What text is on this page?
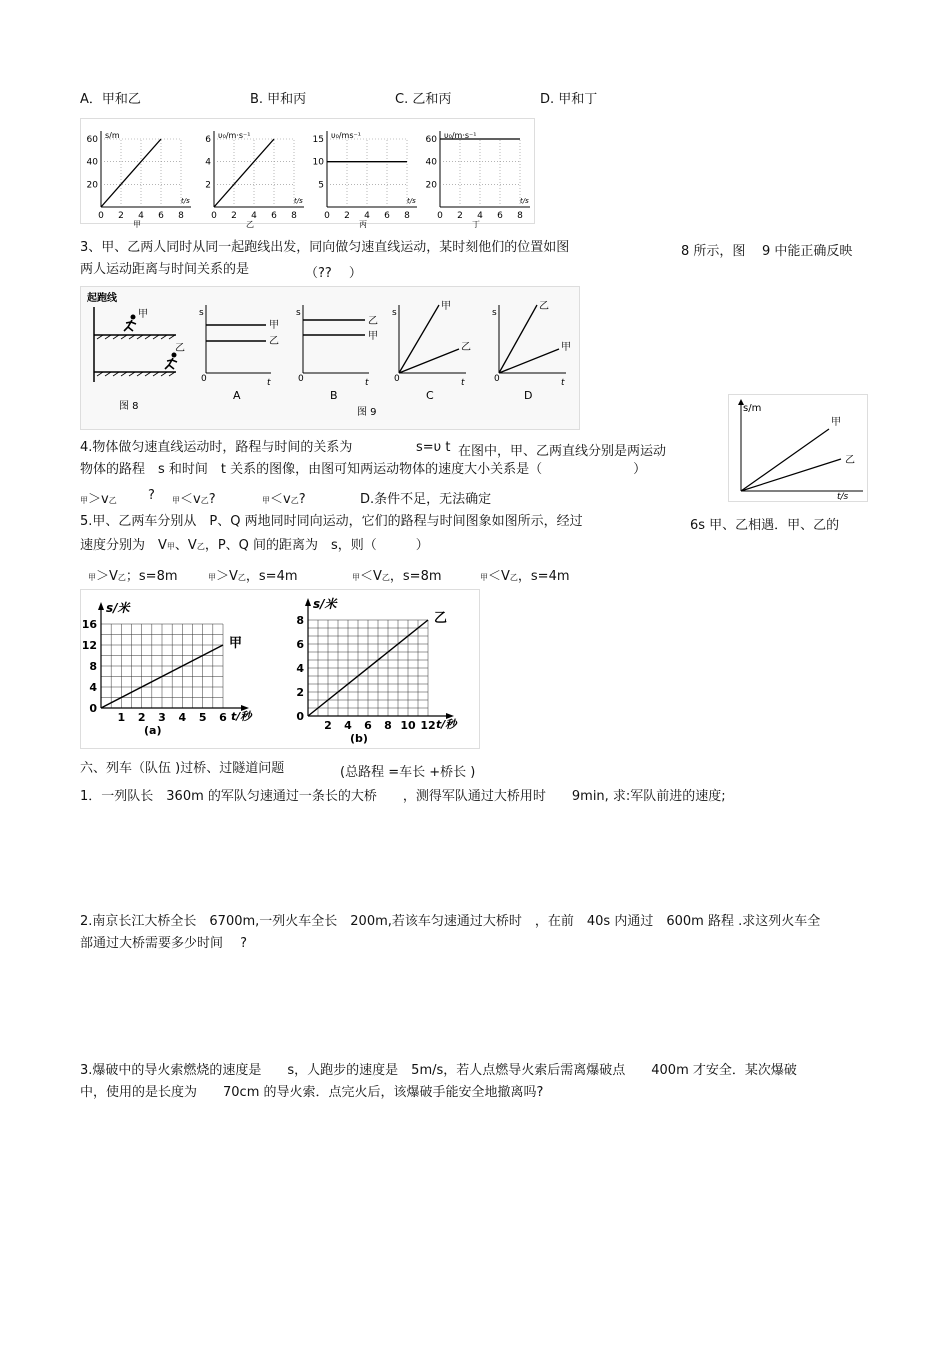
A．甲和乙	B. 甲和丙	C. 乙和丙	D. 甲和丁
s/m
t/s
60
40
20
0 2 4 6 8
甲
υ₀/m·s⁻¹
t/s
6
4
2
0 2 4 6 8
乙
υ₀/ms⁻¹
t/s
15
10
5
0 2 4 6 8
丙
υ₀/m·s⁻¹
t/s
60
40
20
0 2 4 6 8
丁
3、甲、乙两人同时从同一起跑线出发，同向做匀速直线运动，某时刻他们的位置如图	8 所示，图 9 中能正确反映
两人运动距离与时间关系的是	（??　 ）
起跑线
甲
乙
图 8
s
0	t
甲
乙
A
s
0	t
乙
甲
B
图 9
s
0	t
甲
乙
C
s
0	t
乙
甲
D
s/m
t/s
甲
乙
4.物体做匀速直线运动时，路程与时间的关系为	s=υ t 在图中，甲、乙两直线分别是两运动
物体的路程　s 和时间　t 关系的图像，由图可知两运动物体的速度大小关系是（　　　　　　　）
甲＞v乙 ? 甲＜v乙?	甲＜v乙?	D.条件不足，无法确定
5.甲、乙两车分别从　P、Q 两地同时同向运动，它们的路程与时间图象如图所示，经过	6s 甲、乙相遇．甲、乙的
速度分别为　V甲、V乙，P、Q 间的距离为　s，则（　　　）
甲＞V乙；s=8m	甲＞V乙，s=4m	甲＜V乙，s=8m	甲＜V乙，s=4m
s/米
t/秒
16
12
8
4
0
1 2 3 4 5 6
甲
(a)
s/米
t/秒
8
6
4
2
0
2 4 6 8 10 12
乙
(b)
六、列车（队伍 )过桥、过隧道问题	(总路程 =车长 +桥长 )
1．一列队长　360m 的军队匀速通过一条长的大桥　　，测得军队通过大桥用时　　9min, 求:军队前进的速度;
2.南京长江大桥全长　6700m,一列火车全长　200m,若该车匀速通过大桥时　，在前　40s 内通过　600m 路程 .求这列火车全
部通过大桥需要多少时间　 ?
3.爆破中的导火索燃烧的速度是　　s，人跑步的速度是　5m/s，若人点燃导火索后需离爆破点　　400m 才安全．某次爆破
中，使用的是长度为　　70cm 的导火索．点完火后，该爆破手能安全地撤离吗?
